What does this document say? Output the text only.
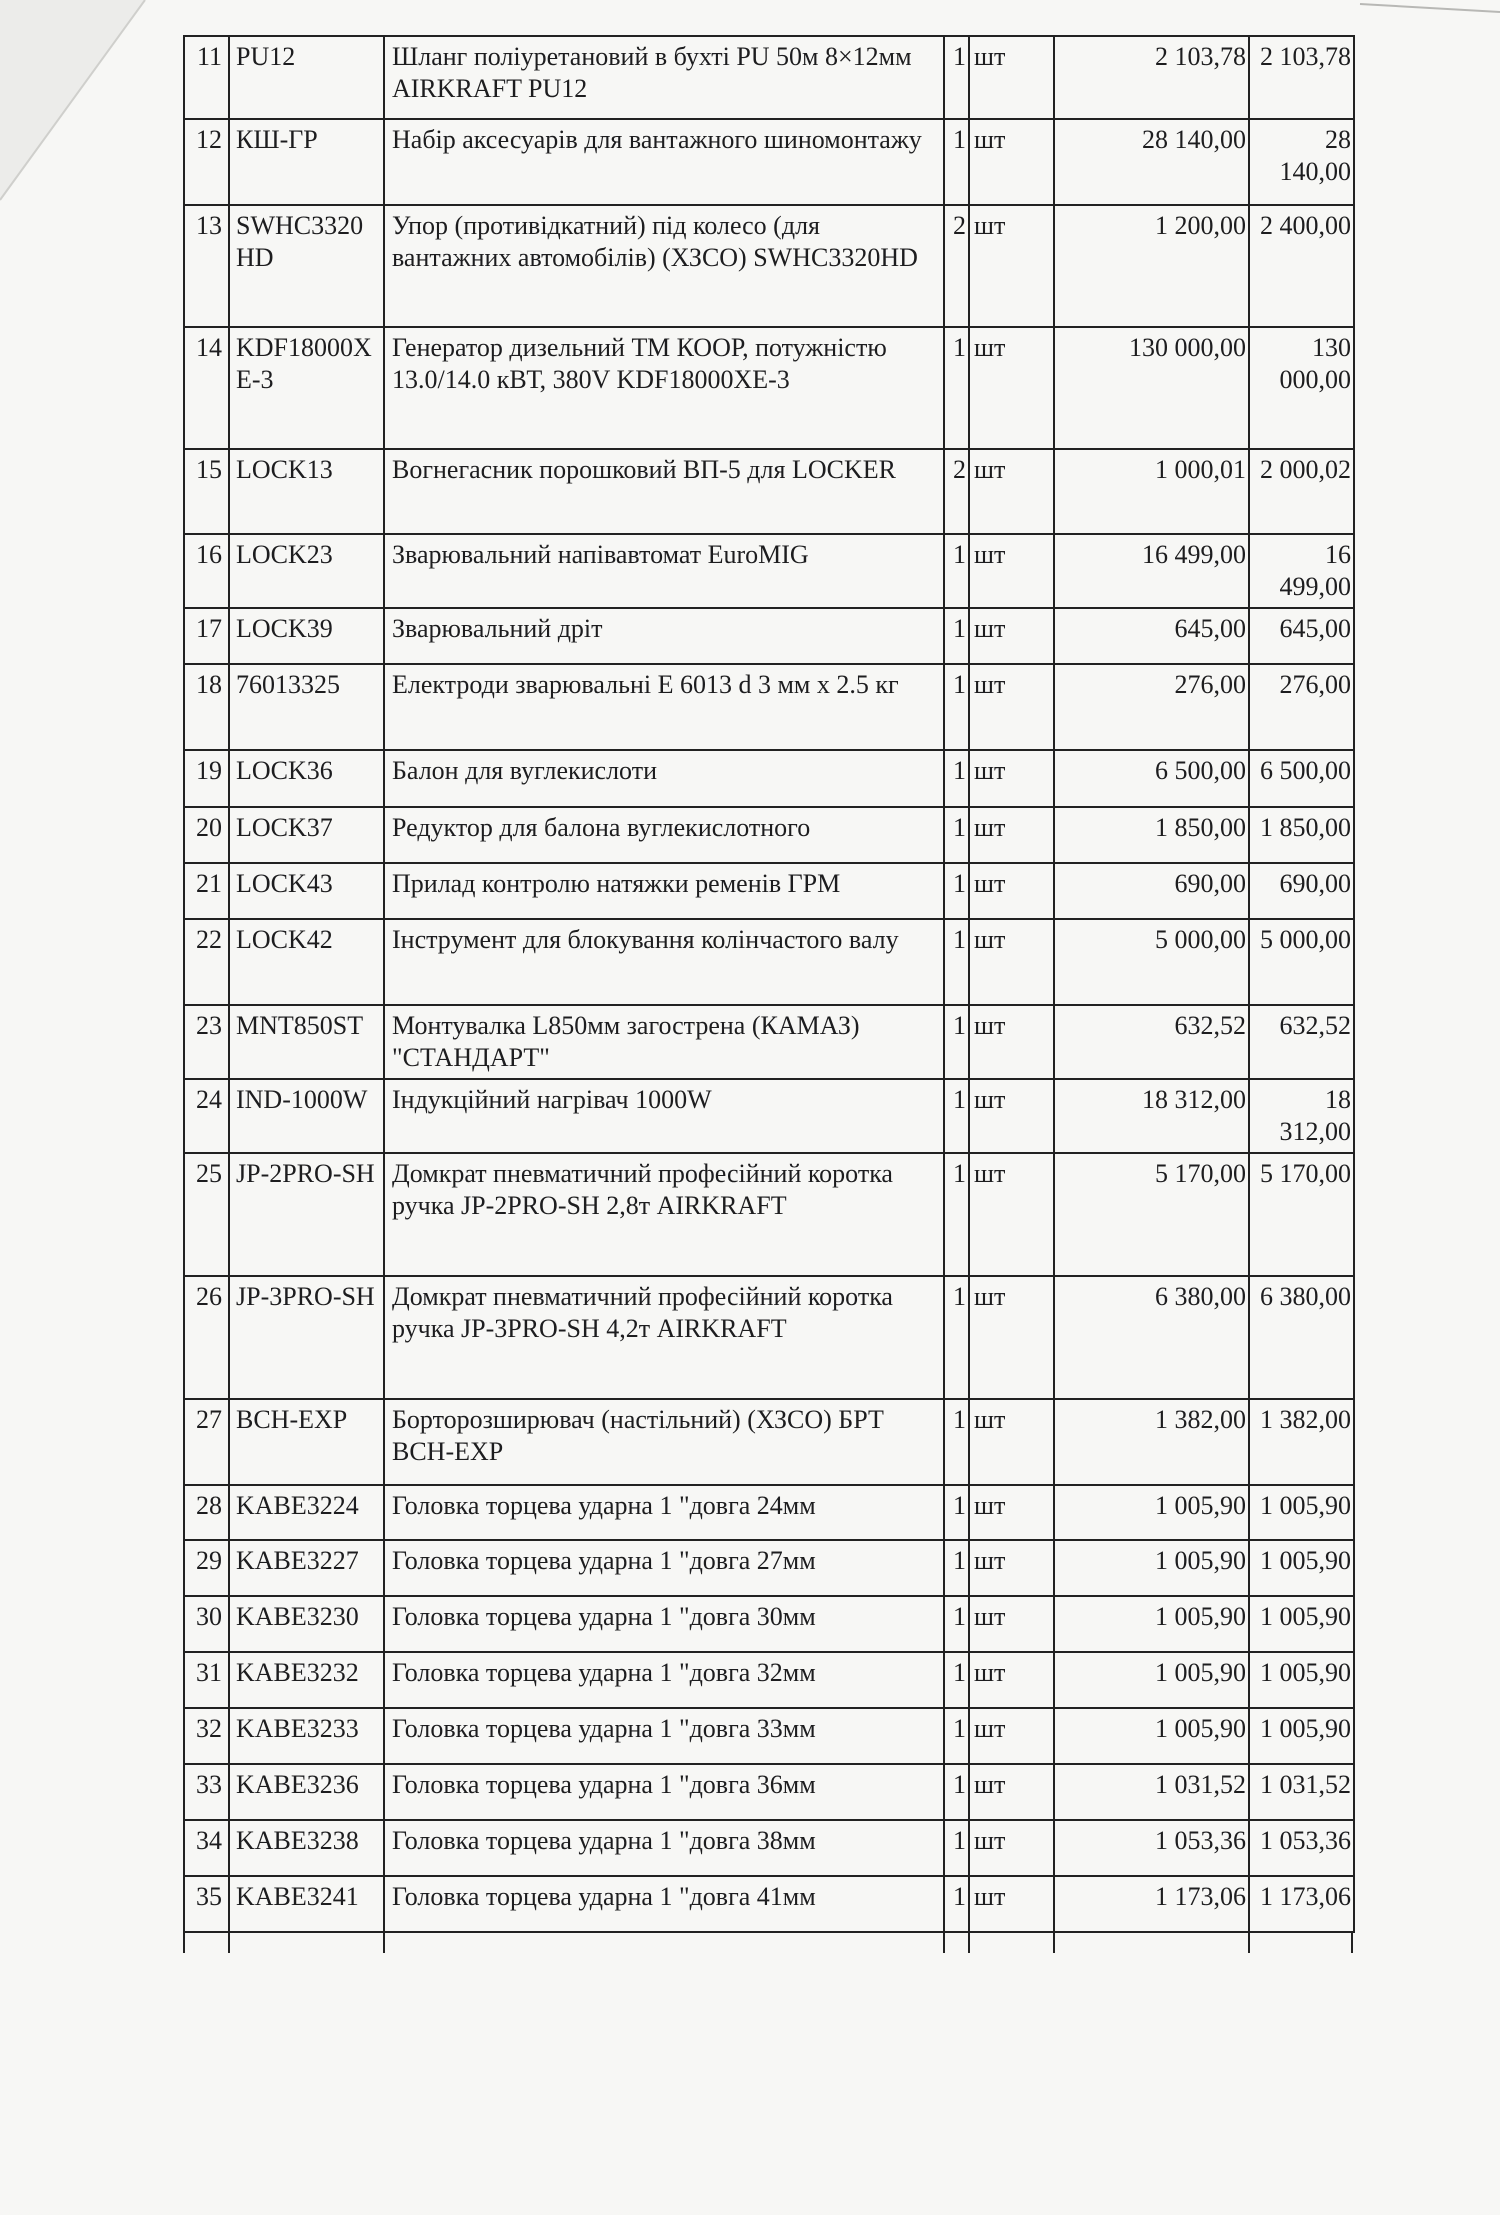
11	PU12	Шланг поліуретановий в бухті PU 50м 8×12мм AIRKRAFT PU12	1	шт	2 103,78	2 103,78
12	КШ-ГР	Набір аксесуарів для вантажного шиномонтажу	1	шт	28 140,00	28 140,00
13	SWHC3320HD	Упор (противідкатний) під колесо (для вантажних автомобілів) (ХЗСО) SWHC3320HD	2	шт	1 200,00	2 400,00
14	KDF18000XE-3	Генератор дизельний ТМ КООР, потужністю 13.0/14.0 кВТ, 380V KDF18000XE-3	1	шт	130 000,00	130 000,00
15	LOCK13	Вогнегасник порошковий ВП-5 для LOCKER	2	шт	1 000,01	2 000,02
16	LOCK23	Зварювальний напівавтомат EuroMIG	1	шт	16 499,00	16 499,00
17	LOCK39	Зварювальний дріт	1	шт	645,00	645,00
18	76013325	Електроди зварювальні E 6013 d 3 мм x 2.5 кг	1	шт	276,00	276,00
19	LOCK36	Балон для вуглекислоти	1	шт	6 500,00	6 500,00
20	LOCK37	Редуктор для балона вуглекислотного	1	шт	1 850,00	1 850,00
21	LOCK43	Прилад контролю натяжки ременів ГРМ	1	шт	690,00	690,00
22	LOCK42	Інструмент для блокування колінчастого валу	1	шт	5 000,00	5 000,00
23	MNT850ST	Монтувалка L850мм загострена (КАМАЗ) "СТАНДАРТ"	1	шт	632,52	632,52
24	IND-1000W	Індукційний нагрівач 1000W	1	шт	18 312,00	18 312,00
25	JP-2PRO-SH	Домкрат пневматичний професійний коротка ручка JP-2PRO-SH 2,8т AIRKRAFT	1	шт	5 170,00	5 170,00
26	JP-3PRO-SH	Домкрат пневматичний професійний коротка ручка JP-3PRO-SH 4,2т AIRKRAFT	1	шт	6 380,00	6 380,00
27	BCH-EXP	Борторозширювач (настільний) (ХЗСО) БРТ BCH-EXP	1	шт	1 382,00	1 382,00
28	KABE3224	Головка торцева ударна 1 "довга 24мм	1	шт	1 005,90	1 005,90
29	KABE3227	Головка торцева ударна 1 "довга 27мм	1	шт	1 005,90	1 005,90
30	KABE3230	Головка торцева ударна 1 "довга 30мм	1	шт	1 005,90	1 005,90
31	KABE3232	Головка торцева ударна 1 "довга 32мм	1	шт	1 005,90	1 005,90
32	KABE3233	Головка торцева ударна 1 "довга 33мм	1	шт	1 005,90	1 005,90
33	KABE3236	Головка торцева ударна 1 "довга 36мм	1	шт	1 031,52	1 031,52
34	KABE3238	Головка торцева ударна 1 "довга 38мм	1	шт	1 053,36	1 053,36
35	KABE3241	Головка торцева ударна 1 "довга 41мм	1	шт	1 173,06	1 173,06
